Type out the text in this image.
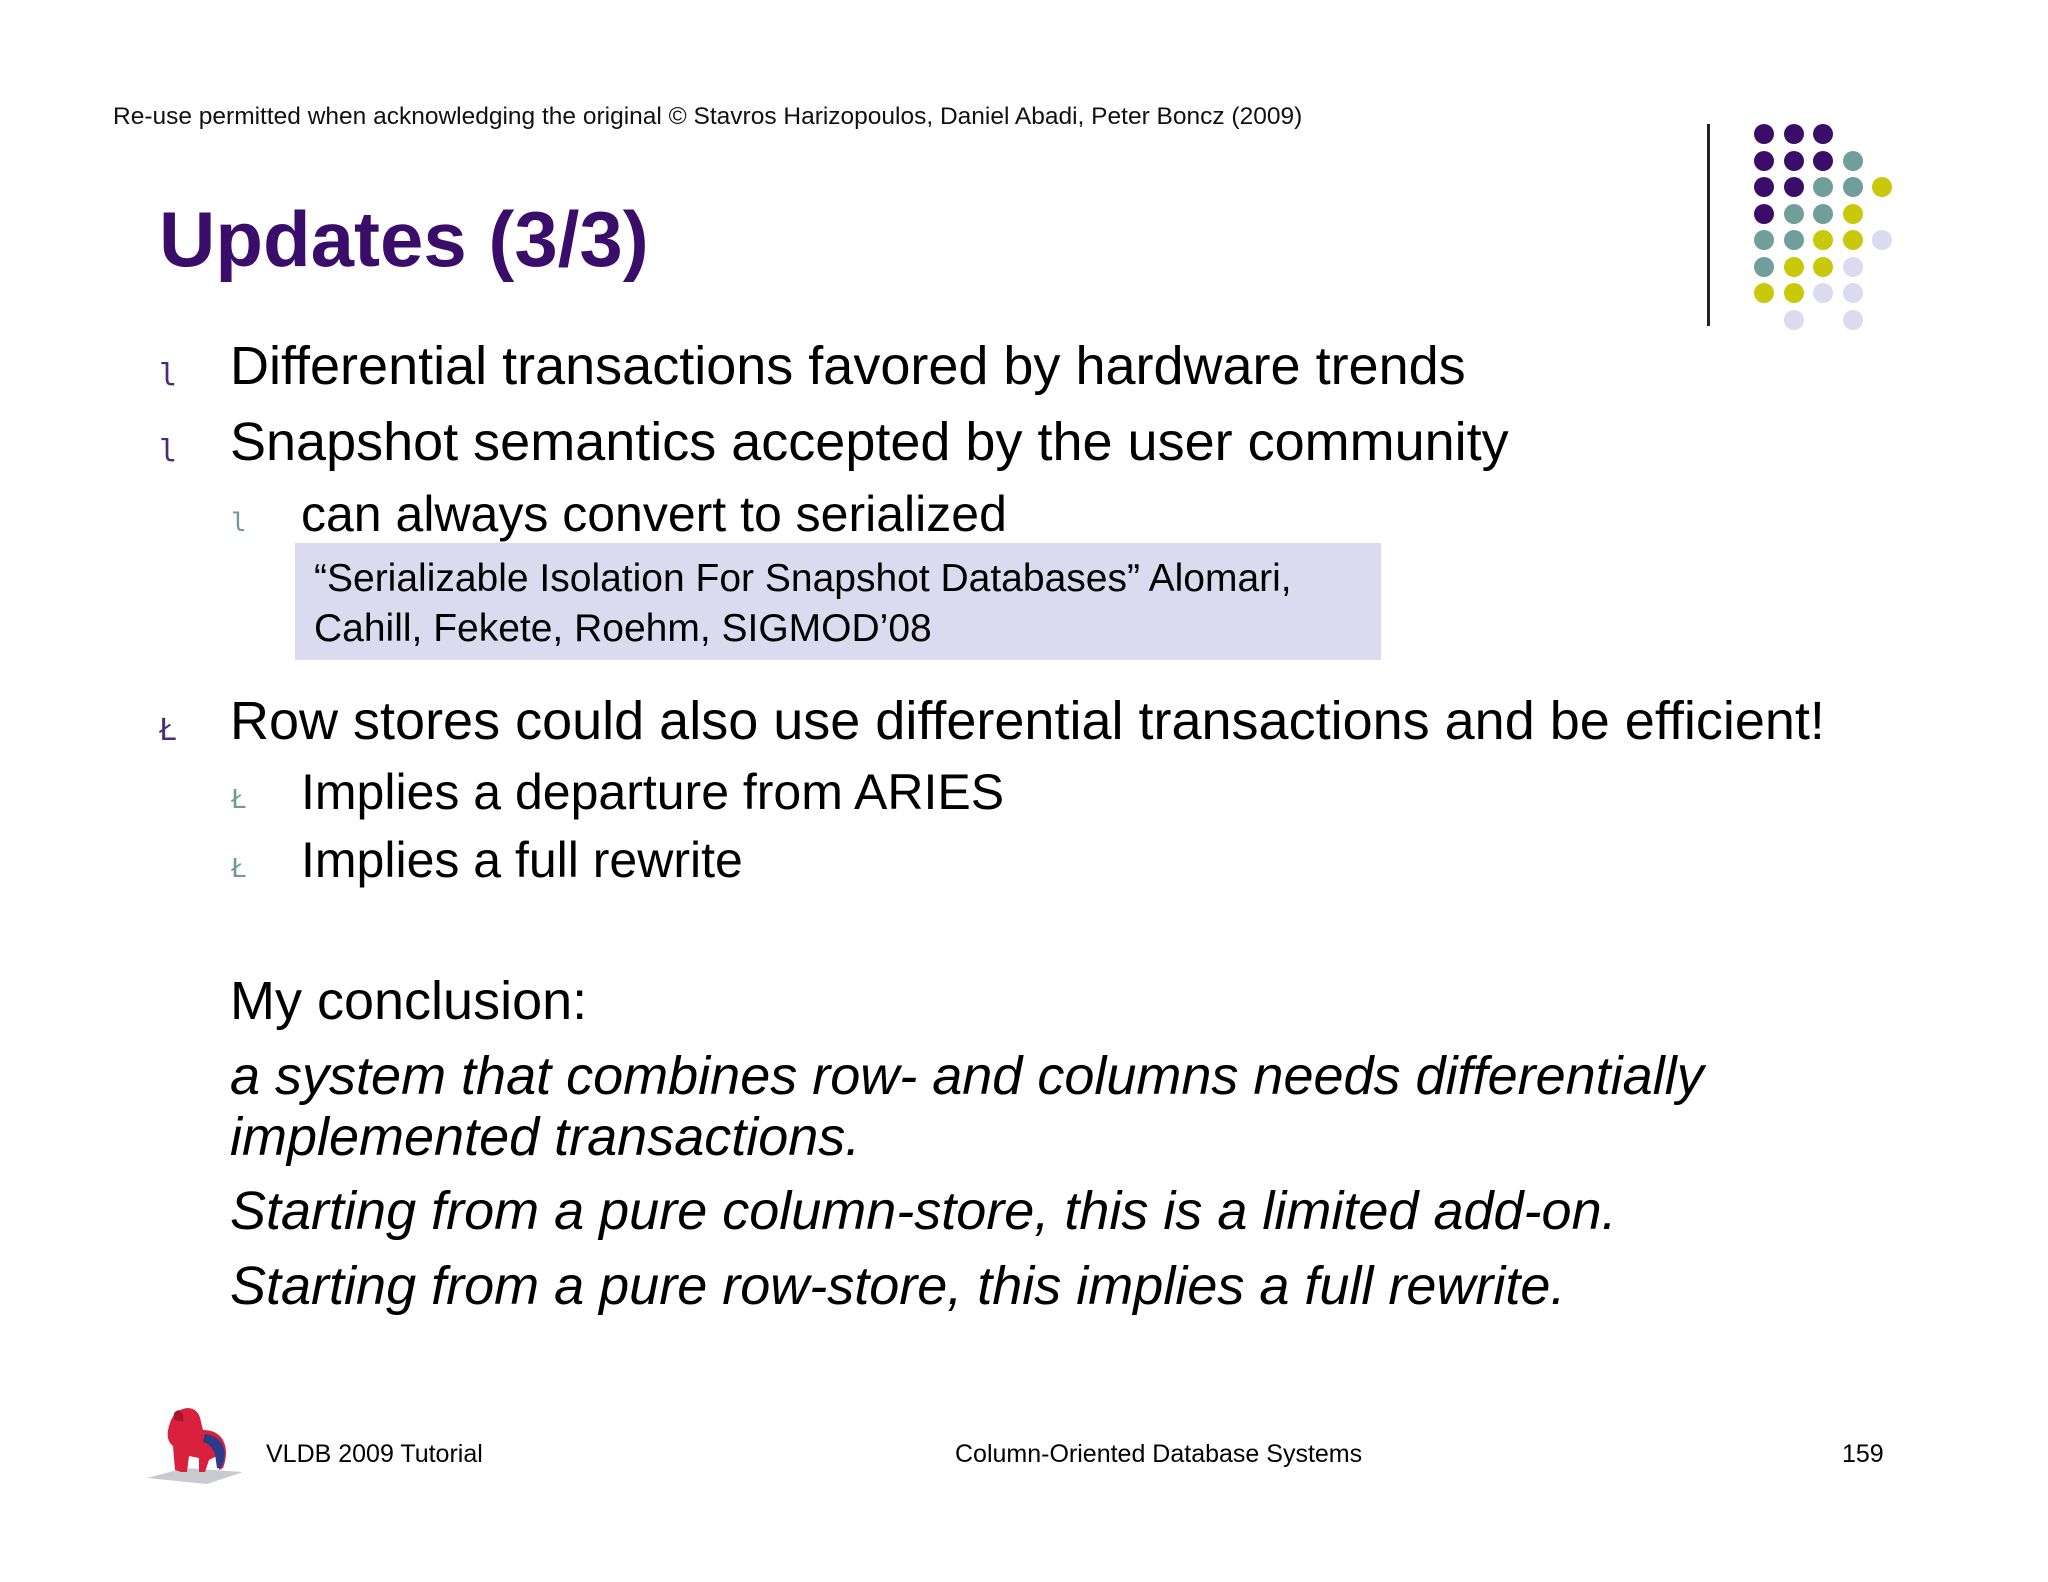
Re-use permitted when acknowledging the original © Stavros Harizopoulos, Daniel Abadi, Peter Boncz (2009)
Updates (3/3)
l Differential transactions favored by hardware trends
l Snapshot semantics accepted by the user community
l can always convert to serialized
“Serializable Isolation For Snapshot Databases” Alomari,
Cahill, Fekete, Roehm, SIGMOD’08
Ł Row stores could also use differential transactions and be efficient!
Ł Implies a departure from ARIES
Ł Implies a full rewrite
My conclusion:
a system that combines row- and columns needs differentially
implemented transactions.
Starting from a pure column-store, this is a limited add-on.
Starting from a pure row-store, this implies a full rewrite.
VLDB 2009 Tutorial	Column-Oriented Database Systems	159
